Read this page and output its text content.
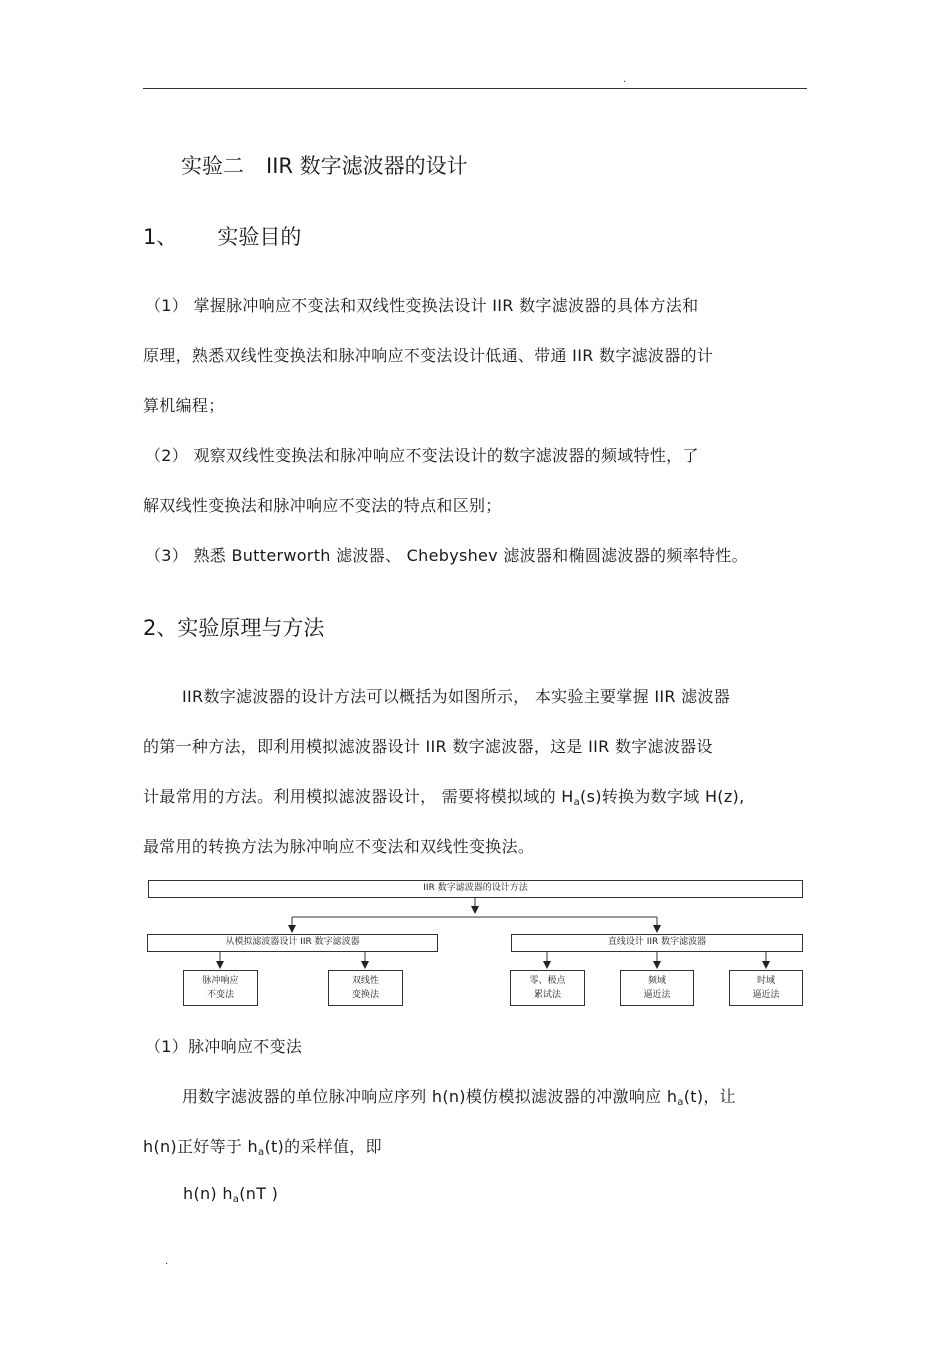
.
实验二 IIR 数字滤波器的设计
1、 实验目的
（1） 掌握脉冲响应不变法和双线性变换法设计 IIR 数字滤波器的具体方法和
原理，熟悉双线性变换法和脉冲响应不变法设计低通、带通 IIR 数字滤波器的计
算机编程；
（2） 观察双线性变换法和脉冲响应不变法设计的数字滤波器的频域特性，了
解双线性变换法和脉冲响应不变法的特点和区别；
（3） 熟悉 Butterworth 滤波器、 Chebyshev 滤波器和椭圆滤波器的频率特性。
2、实验原理与方法
IIR数字滤波器的设计方法可以概括为如图所示， 本实验主要掌握 IIR 滤波器
的第一种方法，即利用模拟滤波器设计 IIR 数字滤波器，这是 IIR 数字滤波器设
计最常用的方法。利用模拟滤波器设计， 需要将模拟域的 Ha(s)转换为数字域 H(z),
最常用的转换方法为脉冲响应不变法和双线性变换法。
IIR 数字滤波器的设计方法
从模拟滤波器设计 IIR 数字滤波器	直线设计 IIR 数字滤波器
脉冲响应
不变法
双线性
变换法
零、极点
累试法
频域
逼近法
时域
逼近法
（1）脉冲响应不变法
用数字滤波器的单位脉冲响应序列 h(n)模仿模拟滤波器的冲激响应 ha(t)，让
h(n)正好等于 ha(t)的采样值，即
h(n) ha(nT )
.
